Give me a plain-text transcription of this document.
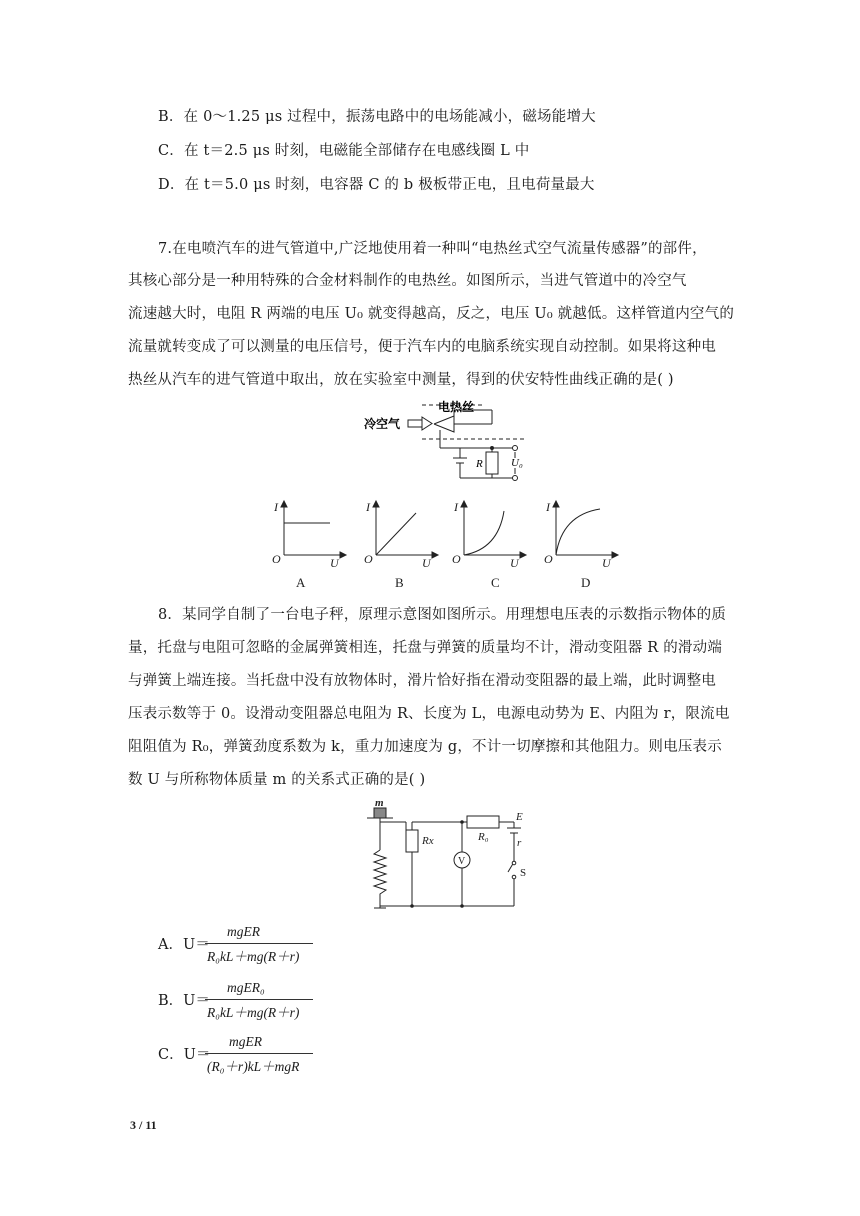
B．在 0～1.25 μs 过程中，振荡电路中的电场能减小，磁场能增大
C．在 t＝2.5 μs 时刻，电磁能全部储存在电感线圈 L 中
D．在 t＝5.0 μs 时刻，电容器 C 的 b 极板带正电，且电荷量最大
7.在电喷汽车的进气管道中,广泛地使用着一种叫“电热丝式空气流量传感器”的部件，
其核心部分是一种用特殊的合金材料制作的电热丝。如图所示，当进气管道中的冷空气
流速越大时，电阻 R 两端的电压 U₀ 就变得越高，反之，电压 U₀ 就越低。这样管道内空气的
流量就转变成了可以测量的电压信号，便于汽车内的电脑系统实现自动控制。如果将这种电
热丝从汽车的进气管道中取出，放在实验室中测量，得到的伏安特性曲线正确的是( )
冷空气
电热丝
R	U₀
I
O	U
I
O	U
I
O	U
I
O	U
A	B	C	D
8．某同学自制了一台电子秤，原理示意图如图所示。用理想电压表的示数指示物体的质
量，托盘与电阻可忽略的金属弹簧相连，托盘与弹簧的质量均不计，滑动变阻器 R 的滑动端
与弹簧上端连接。当托盘中没有放物体时，滑片恰好指在滑动变阻器的最上端，此时调整电
压表示数等于 0。设滑动变阻器总电阻为 R、长度为 L，电源电动势为 E、内阻为 r，限流电
阻阻值为 R₀，弹簧劲度系数为 k，重力加速度为 g，不计一切摩擦和其他阻力。则电压表示
数 U 与所称物体质量 m 的关系式正确的是( )
m
Rx	R₀
E
r
V
S
A．U＝
mgER
R₀kL＋mg(R＋r)
B．U＝
mgER₀
R₀kL＋mg(R＋r)
C．U＝
mgER
(R₀＋r)kL＋mgR
3 / 11
